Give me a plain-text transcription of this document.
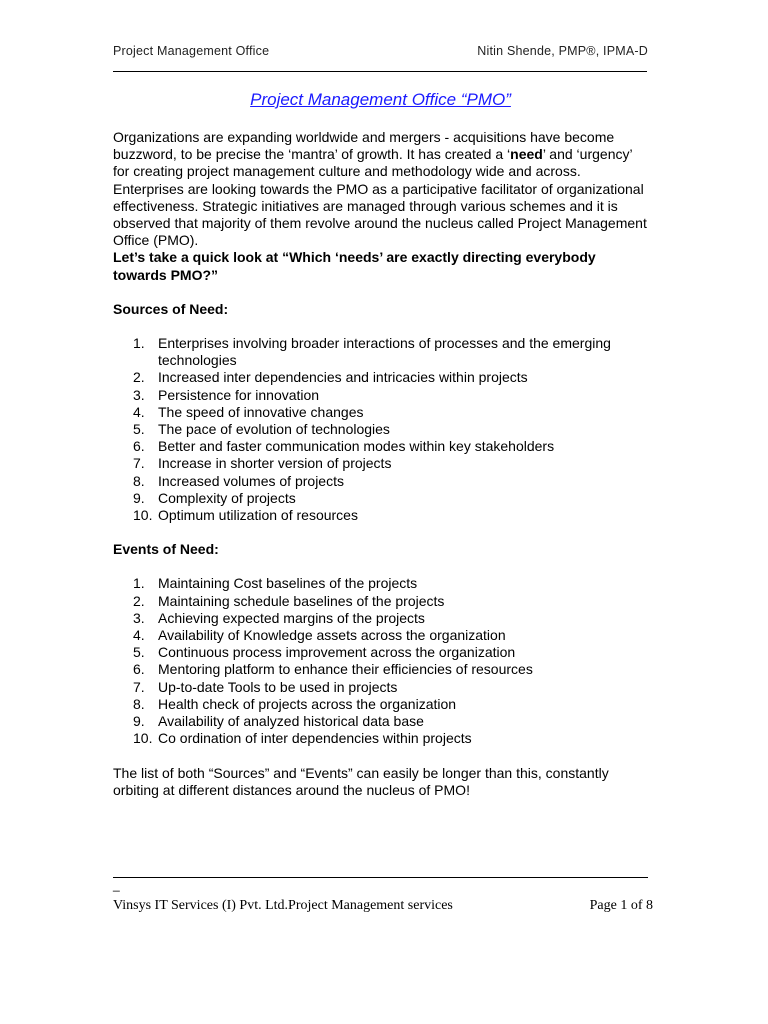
Project Management Office	Nitin Shende, PMP®, IPMA-D
Project Management Office “PMO”

Organizations are expanding worldwide and mergers - acquisitions have become buzzword, to be precise the ‘mantra’ of growth. It has created a ‘need’ and ‘urgency’ for creating project management culture and methodology wide and across.

Enterprises are looking towards the PMO as a participative facilitator of organizational effectiveness. Strategic initiatives are managed through various schemes and it is observed that majority of them revolve around the nucleus called Project Management Office (PMO).

Let’s take a quick look at “Which ‘needs’ are exactly directing everybody towards PMO?”

Sources of Need:

1. Enterprises involving broader interactions of processes and the emerging technologies
2. Increased inter dependencies and intricacies within projects
3. Persistence for innovation
4. The speed of innovative changes
5. The pace of evolution of technologies
6. Better and faster communication modes within key stakeholders
7. Increase in shorter version of projects
8. Increased volumes of projects
9. Complexity of projects
10. Optimum utilization of resources

Events of Need:

1. Maintaining Cost baselines of the projects
2. Maintaining schedule baselines of the projects
3. Achieving expected margins of the projects
4. Availability of Knowledge assets across the organization
5. Continuous process improvement across the organization
6. Mentoring platform to enhance their efficiencies of resources
7. Up-to-date Tools to be used in projects
8. Health check of projects across the organization
9. Availability of analyzed historical data base
10. Co ordination of inter dependencies within projects

The list of both “Sources” and “Events” can easily be longer than this, constantly orbiting at different distances around the nucleus of PMO!

_
Vinsys IT Services (I) Pvt. Ltd.Project Management services	Page 1 of 8
